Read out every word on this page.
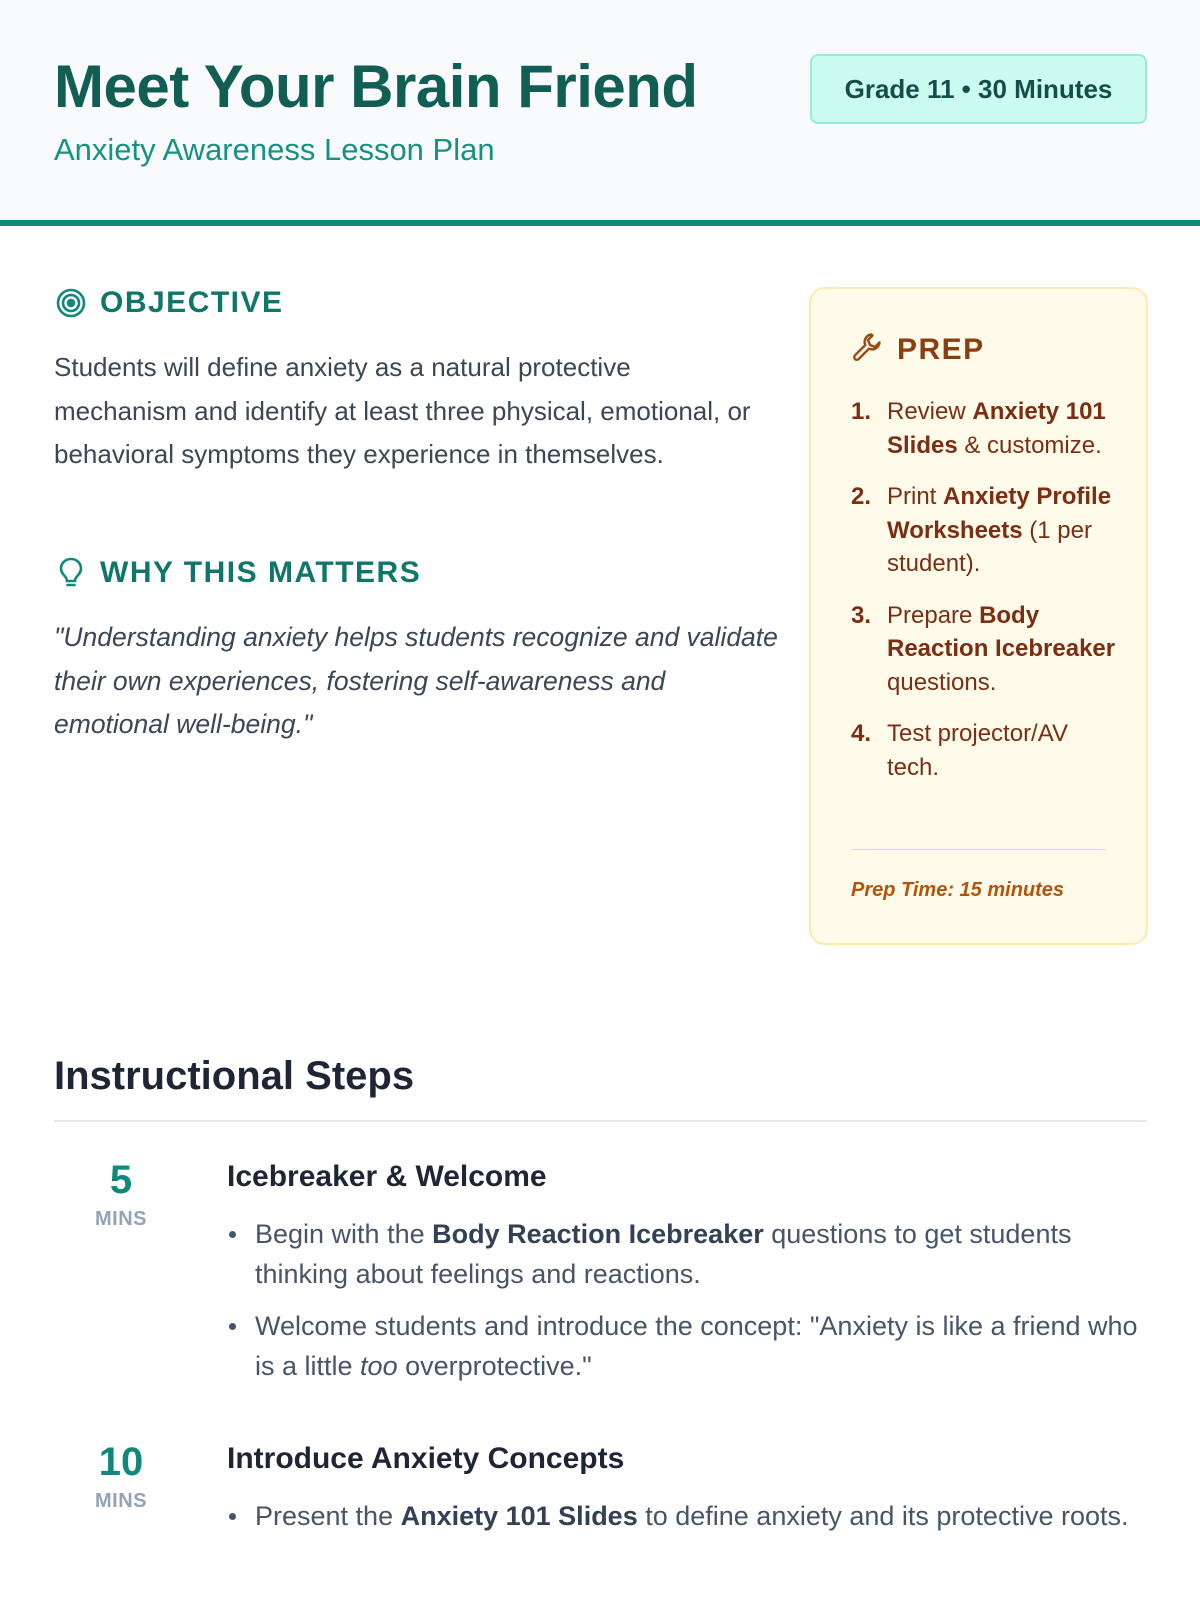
Meet Your Brain Friend
Anxiety Awareness Lesson Plan
Grade 11 • 30 Minutes
OBJECTIVE

Students will define anxiety as a natural protective mechanism and identify at least three physical, emotional, or behavioral symptoms they experience in themselves.

WHY THIS MATTERS

"Understanding anxiety helps students recognize and validate their own experiences, fostering self-awareness and emotional well-being."

PREP
1. Review Anxiety 101 Slides & customize.
2. Print Anxiety Profile Worksheets (1 per student).
3. Prepare Body Reaction Icebreaker questions.
4. Test projector/AV tech.
Prep Time: 15 minutes
Instructional Steps
5
MINS
Icebreaker & Welcome
Begin with the Body Reaction Icebreaker questions to get students thinking about feelings and reactions.
Welcome students and introduce the concept: "Anxiety is like a friend who is a little too overprotective."
10
MINS
Introduce Anxiety Concepts
Present the Anxiety 101 Slides to define anxiety and its protective roots.
